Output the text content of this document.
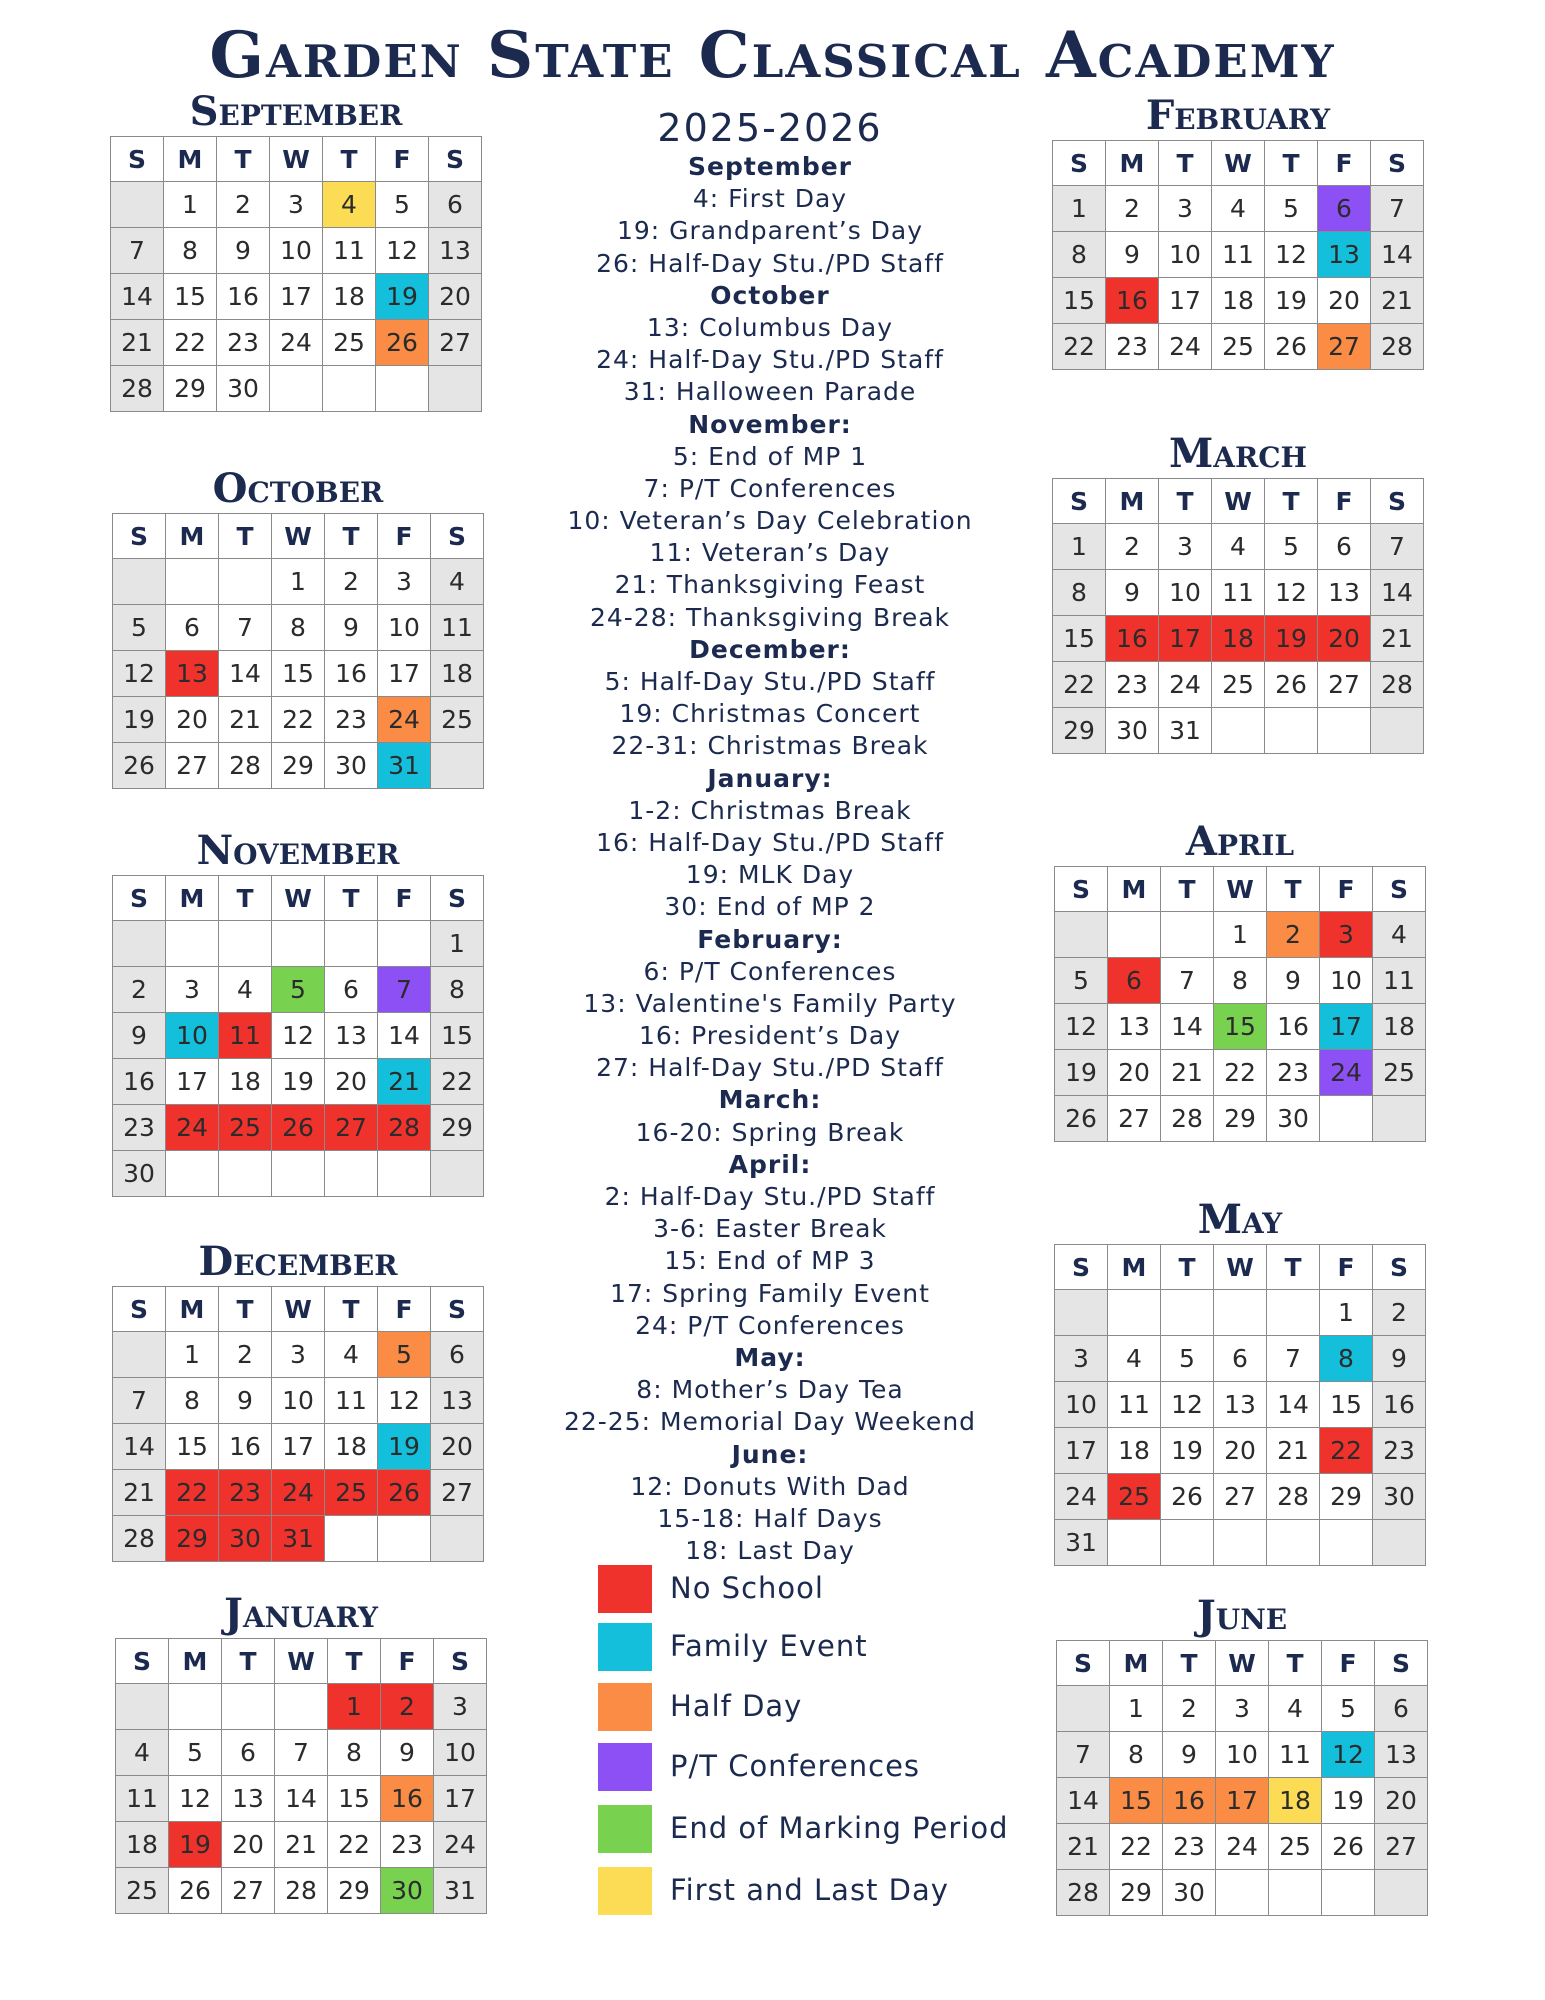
Garden State Classical Academy
September
S	M	T	W	T	F	S
	1	2	3	4	5	6
7	8	9	10	11	12	13
14	15	16	17	18	19	20
21	22	23	24	25	26	27
28	29	30				
October
S	M	T	W	T	F	S
			1	2	3	4
5	6	7	8	9	10	11
12	13	14	15	16	17	18
19	20	21	22	23	24	25
26	27	28	29	30	31	
November
S	M	T	W	T	F	S
						1
2	3	4	5	6	7	8
9	10	11	12	13	14	15
16	17	18	19	20	21	22
23	24	25	26	27	28	29
30						
December
S	M	T	W	T	F	S
	1	2	3	4	5	6
7	8	9	10	11	12	13
14	15	16	17	18	19	20
21	22	23	24	25	26	27
28	29	30	31			
January
S	M	T	W	T	F	S
				1	2	3
4	5	6	7	8	9	10
11	12	13	14	15	16	17
18	19	20	21	22	23	24
25	26	27	28	29	30	31
February
S	M	T	W	T	F	S
1	2	3	4	5	6	7
8	9	10	11	12	13	14
15	16	17	18	19	20	21
22	23	24	25	26	27	28
March
S	M	T	W	T	F	S
1	2	3	4	5	6	7
8	9	10	11	12	13	14
15	16	17	18	19	20	21
22	23	24	25	26	27	28
29	30	31				
April
S	M	T	W	T	F	S
			1	2	3	4
5	6	7	8	9	10	11
12	13	14	15	16	17	18
19	20	21	22	23	24	25
26	27	28	29	30		
May
S	M	T	W	T	F	S
					1	2
3	4	5	6	7	8	9
10	11	12	13	14	15	16
17	18	19	20	21	22	23
24	25	26	27	28	29	30
31						
June
S	M	T	W	T	F	S
	1	2	3	4	5	6
7	8	9	10	11	12	13
14	15	16	17	18	19	20
21	22	23	24	25	26	27
28	29	30				
2025-2026
September
4: First Day
19: Grandparent’s Day
26: Half-Day Stu./PD Staff
October
13: Columbus Day
24: Half-Day Stu./PD Staff
31: Halloween Parade
November:
5: End of MP 1
7: P/T Conferences
10: Veteran’s Day Celebration
11: Veteran’s Day
21: Thanksgiving Feast
24-28: Thanksgiving Break
December:
5: Half-Day Stu./PD Staff
19: Christmas Concert
22-31: Christmas Break
January:
1-2: Christmas Break
16: Half-Day Stu./PD Staff
19: MLK Day
30: End of MP 2
February:
6: P/T Conferences
13: Valentine's Family Party
16: President’s Day
27: Half-Day Stu./PD Staff
March:
16-20: Spring Break
April:
2: Half-Day Stu./PD Staff
3-6: Easter Break
15: End of MP 3
17: Spring Family Event
24: P/T Conferences
May:
8: Mother’s Day Tea
22-25: Memorial Day Weekend
June:
12: Donuts With Dad
15-18: Half Days
18: Last Day
No School
Family Event
Half Day
P/T Conferences
End of Marking Period
First and Last Day
